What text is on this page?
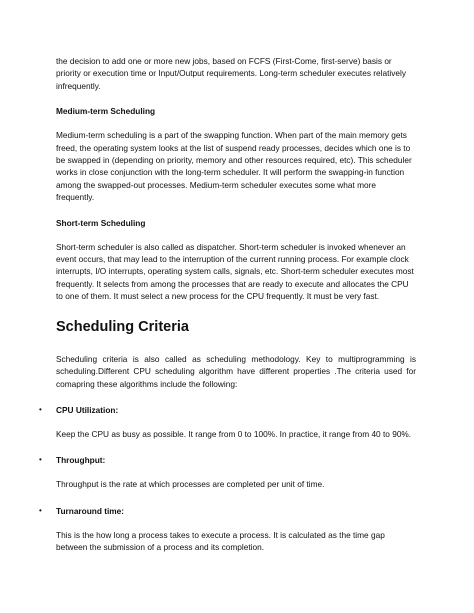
the decision to add one or more new jobs, based on FCFS (First-Come, first-serve) basis or priority or execution time or Input/Output requirements. Long-term scheduler executes relatively infrequently.

Medium-term Scheduling

Medium-term scheduling is a part of the swapping function. When part of the main memory gets freed, the operating system looks at the list of suspend ready processes, decides which one is to be swapped in (depending on priority, memory and other resources required, etc). This scheduler works in close conjunction with the long-term scheduler. It will perform the swapping-in function among the swapped-out processes. Medium-term scheduler executes some what more frequently.

Short-term Scheduling

Short-term scheduler is also called as dispatcher. Short-term scheduler is invoked whenever an event occurs, that may lead to the interruption of the current running process. For example clock interrupts, I/O interrupts, operating system calls, signals, etc. Short-term scheduler executes most frequently. It selects from among the processes that are ready to execute and allocates the CPU to one of them. It must select a new process for the CPU frequently. It must be very fast.

Scheduling Criteria

Scheduling criteria is also called as scheduling methodology. Key to multiprogramming is scheduling.Different CPU scheduling algorithm have different properties .The criteria used for comapring these algorithms include the following:

• CPU Utilization:

Keep the CPU as busy as possible. It range from 0 to 100%. In practice, it range from 40 to 90%.

• Throughput:

Throughput is the rate at which processes are completed per unit of time.

• Turnaround time:

This is the how long a process takes to execute a process. It is calculated as the time gap between the submission of a process and its completion.
